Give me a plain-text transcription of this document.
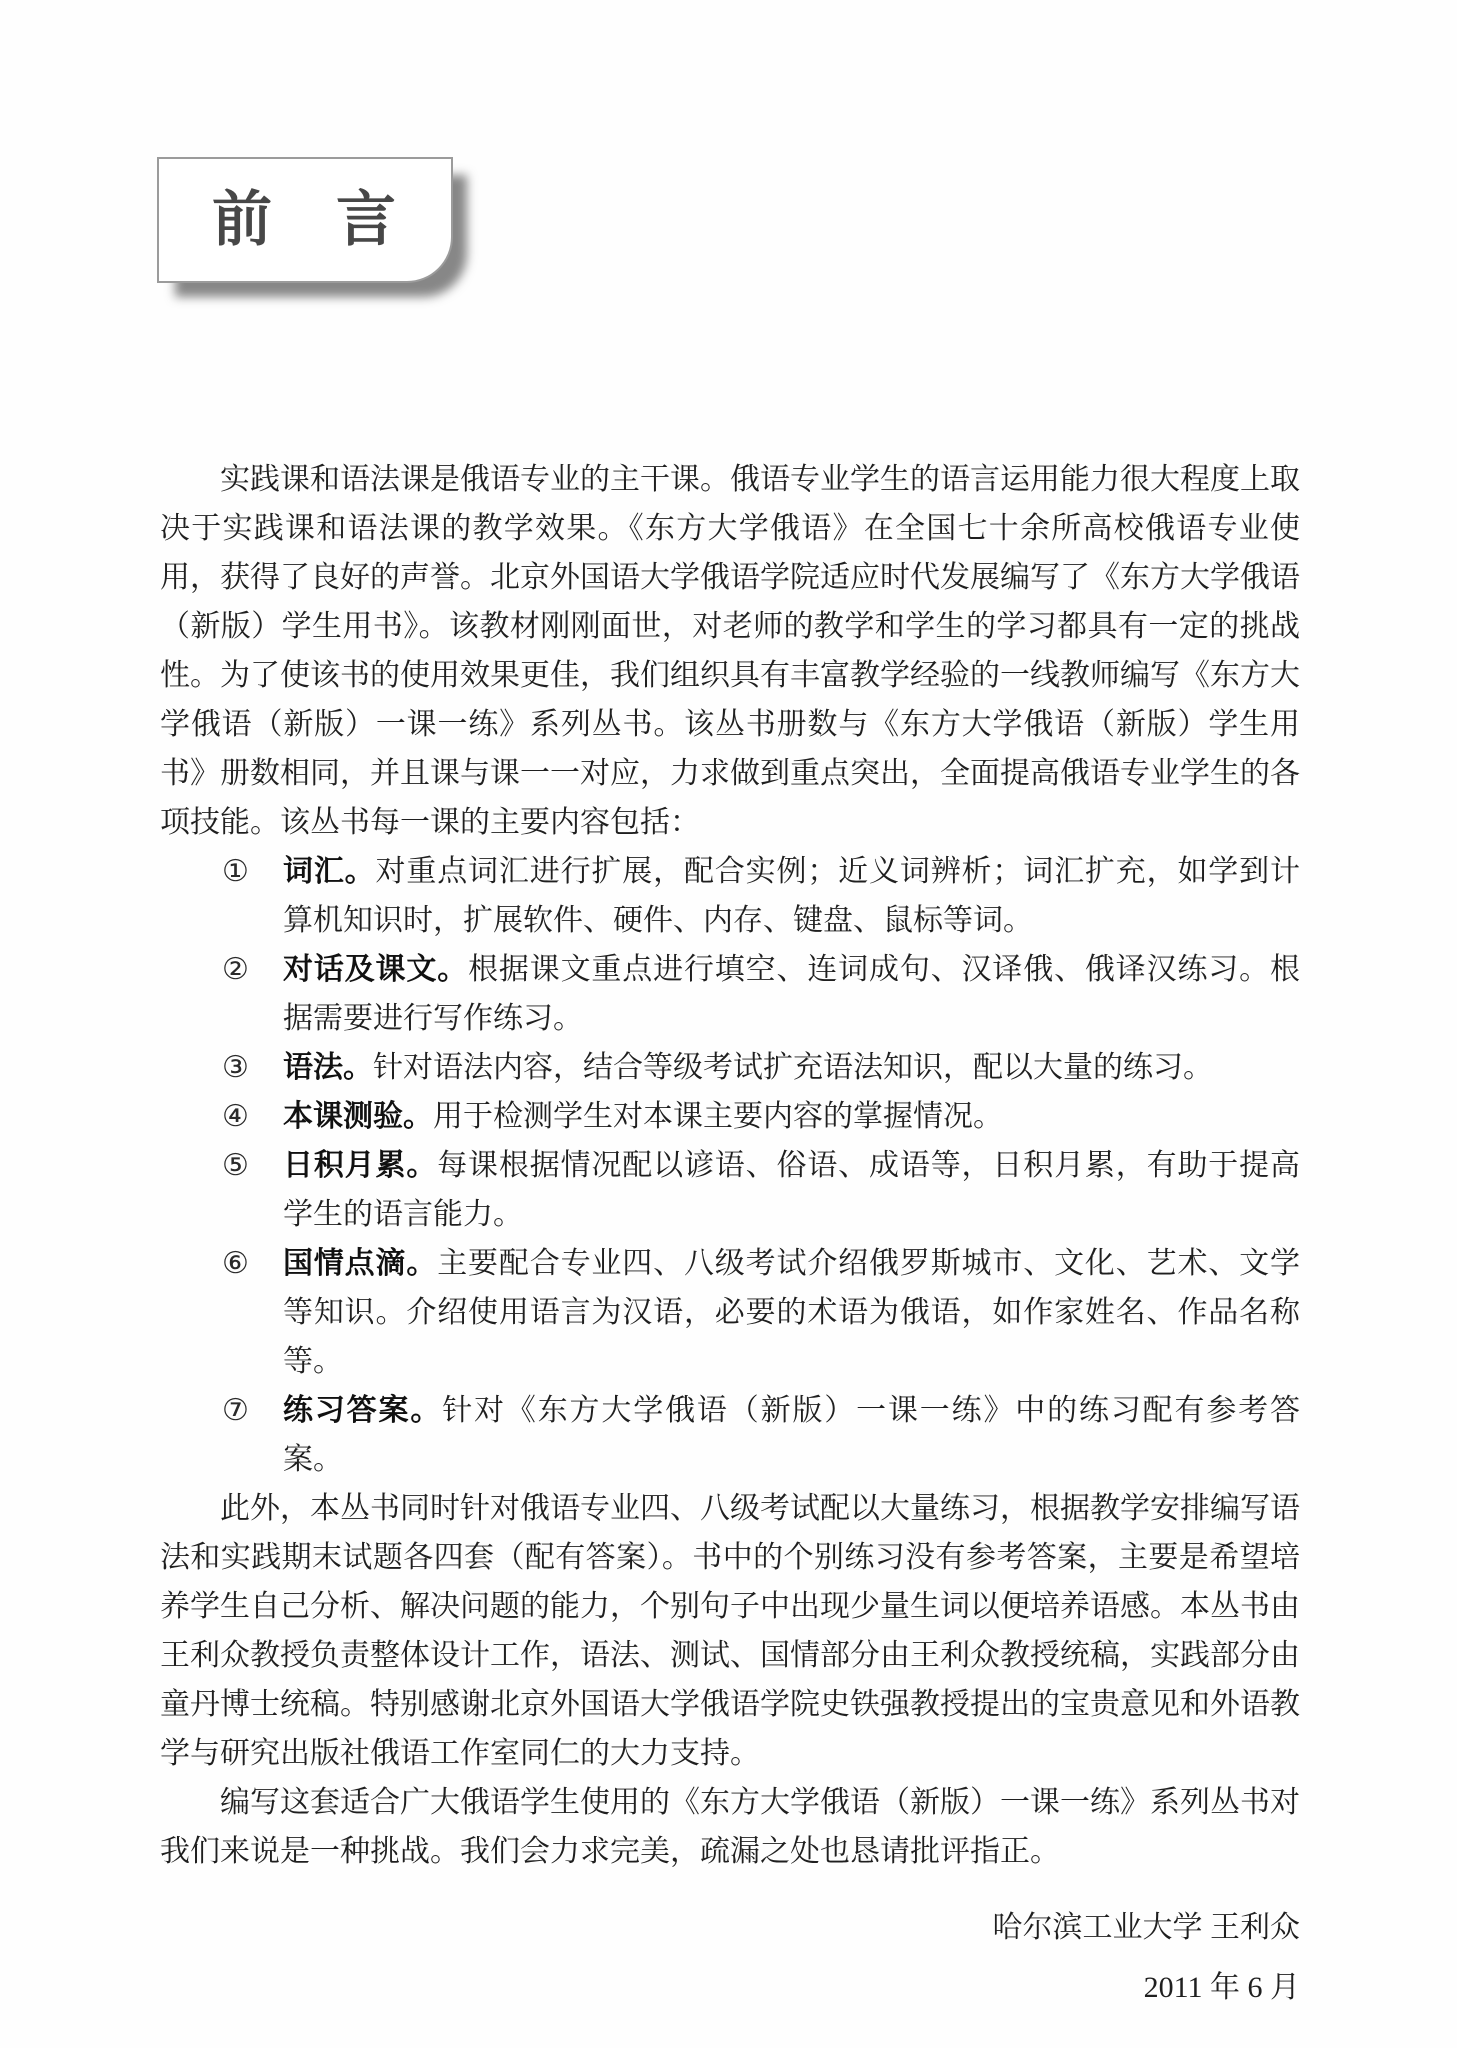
前　言

实践课和语法课是俄语专业的主干课。俄语专业学生的语言运用能力很大程度上取决于实践课和语法课的教学效果。《东方大学俄语》在全国七十余所高校俄语专业使用，获得了良好的声誉。北京外国语大学俄语学院适应时代发展编写了《东方大学俄语（新版）学生用书》。该教材刚刚面世，对老师的教学和学生的学习都具有一定的挑战性。为了使该书的使用效果更佳，我们组织具有丰富教学经验的一线教师编写《东方大学俄语（新版）一课一练》系列丛书。该丛书册数与《东方大学俄语（新版）学生用书》册数相同，并且课与课一一对应，力求做到重点突出，全面提高俄语专业学生的各项技能。该丛书每一课的主要内容包括：

①	词汇。对重点词汇进行扩展，配合实例；近义词辨析；词汇扩充，如学到计算机知识时，扩展软件、硬件、内存、键盘、鼠标等词。
②	对话及课文。根据课文重点进行填空、连词成句、汉译俄、俄译汉练习。根据需要进行写作练习。
③	语法。针对语法内容，结合等级考试扩充语法知识，配以大量的练习。
④	本课测验。用于检测学生对本课主要内容的掌握情况。
⑤	日积月累。每课根据情况配以谚语、俗语、成语等，日积月累，有助于提高学生的语言能力。
⑥	国情点滴。主要配合专业四、八级考试介绍俄罗斯城市、文化、艺术、文学等知识。介绍使用语言为汉语，必要的术语为俄语，如作家姓名、作品名称等。
⑦	练习答案。针对《东方大学俄语（新版）一课一练》中的练习配有参考答案。

此外，本丛书同时针对俄语专业四、八级考试配以大量练习，根据教学安排编写语法和实践期末试题各四套（配有答案）。书中的个别练习没有参考答案，主要是希望培养学生自己分析、解决问题的能力，个别句子中出现少量生词以便培养语感。本丛书由王利众教授负责整体设计工作，语法、测试、国情部分由王利众教授统稿，实践部分由童丹博士统稿。特别感谢北京外国语大学俄语学院史铁强教授提出的宝贵意见和外语教学与研究出版社俄语工作室同仁的大力支持。

编写这套适合广大俄语学生使用的《东方大学俄语（新版）一课一练》系列丛书对我们来说是一种挑战。我们会力求完美，疏漏之处也恳请批评指正。

哈尔滨工业大学 王利众

2011 年 6 月
